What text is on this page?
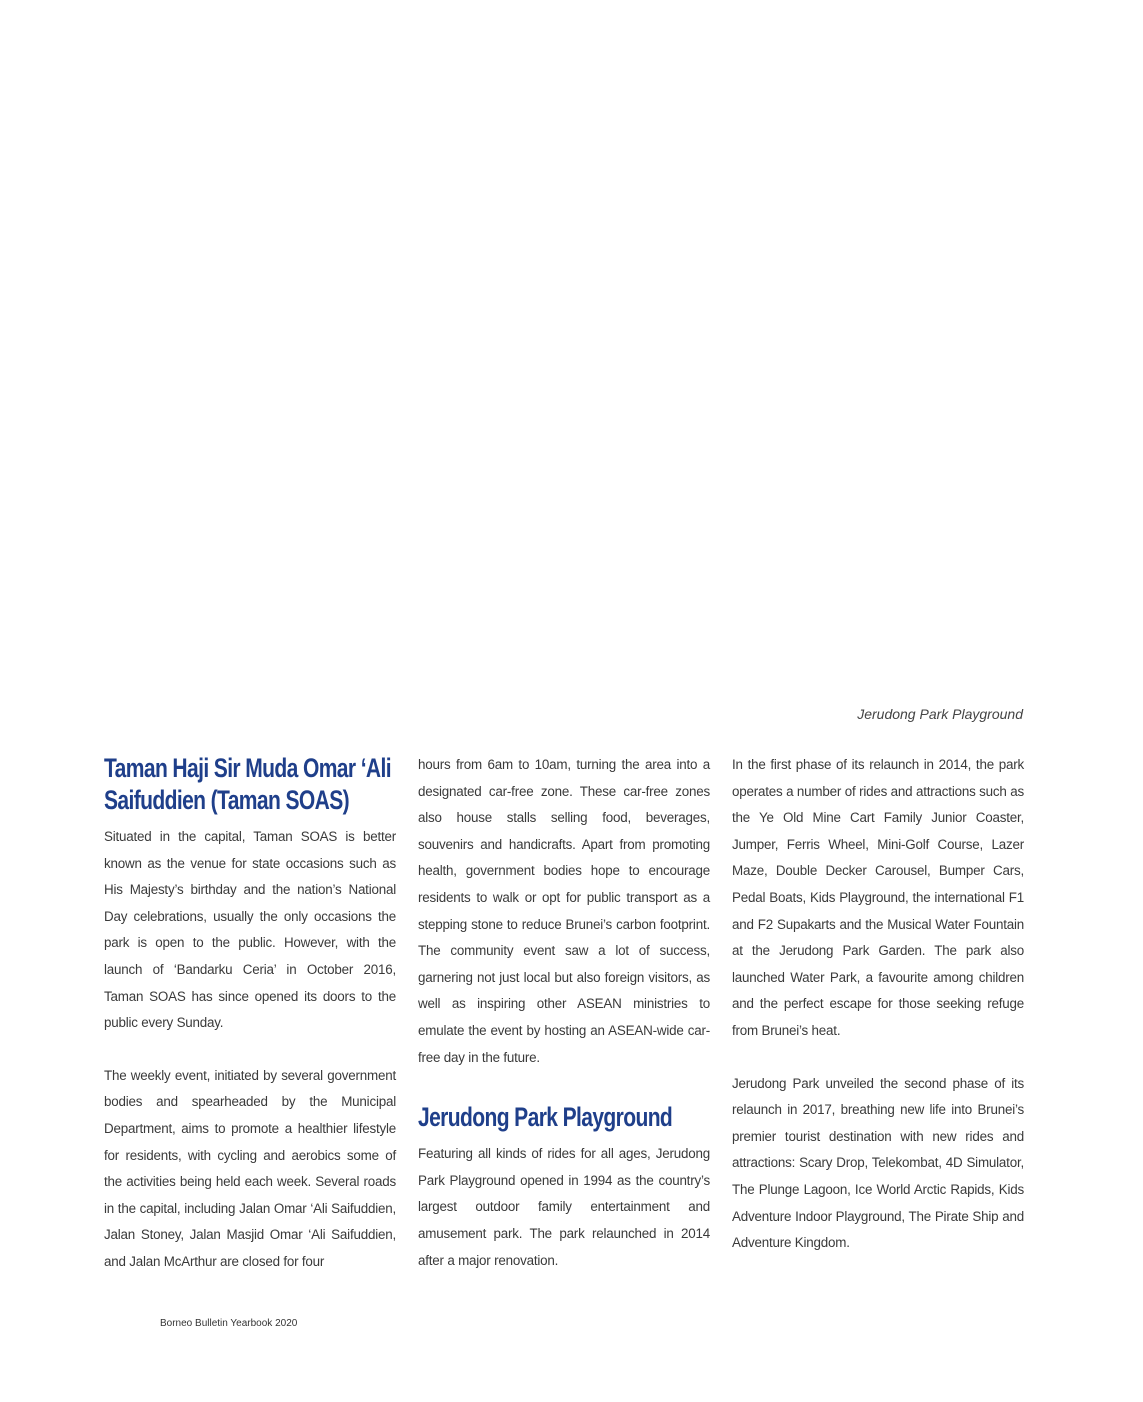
Jerudong Park Playground
Taman Haji Sir Muda Omar ‘Ali
Saifuddien (Taman SOAS)

Situated in the capital, Taman SOAS is better known as the venue for state occasions such as His Majesty’s birthday and the nation’s National Day celebrations, usually the only occasions the park is open to the public. However, with the launch of ‘Bandarku Ceria’ in October 2016, Taman SOAS has since opened its doors to the public every Sunday.

The weekly event, initiated by several government bodies and spearheaded by the Municipal Department, aims to promote a healthier lifestyle for residents, with cycling and aerobics some of the activities being held each week. Several roads in the capital, including Jalan Omar ‘Ali Saifuddien, Jalan Stoney, Jalan Masjid Omar ‘Ali Saifuddien, and Jalan McArthur are closed for four

hours from 6am to 10am, turning the area into a designated car-free zone. These car-free zones also house stalls selling food, beverages, souvenirs and handicrafts. Apart from promoting health, government bodies hope to encourage residents to walk or opt for public transport as a stepping stone to reduce Brunei’s carbon footprint. The community event saw a lot of success, garnering not just local but also foreign visitors, as well as inspiring other ASEAN ministries to emulate the event by hosting an ASEAN-wide car-free day in the future.

Jerudong Park Playground

Featuring all kinds of rides for all ages, Jerudong Park Playground opened in 1994 as the country’s largest outdoor family entertainment and amusement park. The park relaunched in 2014 after a major renovation.

In the first phase of its relaunch in 2014, the park operates a number of rides and attractions such as the Ye Old Mine Cart Family Junior Coaster, Jumper, Ferris Wheel, Mini-Golf Course, Lazer Maze, Double Decker Carousel, Bumper Cars, Pedal Boats, Kids Playground, the international F1 and F2 Supakarts and the Musical Water Fountain at the Jerudong Park Garden. The park also launched Water Park, a favourite among children and the perfect escape for those seeking refuge from Brunei’s heat.

Jerudong Park unveiled the second phase of its relaunch in 2017, breathing new life into Brunei’s premier tourist destination with new rides and attractions: Scary Drop, Telekombat, 4D Simulator, The Plunge Lagoon, Ice World Arctic Rapids, Kids Adventure Indoor Playground, The Pirate Ship and Adventure Kingdom.

Borneo Bulletin Yearbook 2020
